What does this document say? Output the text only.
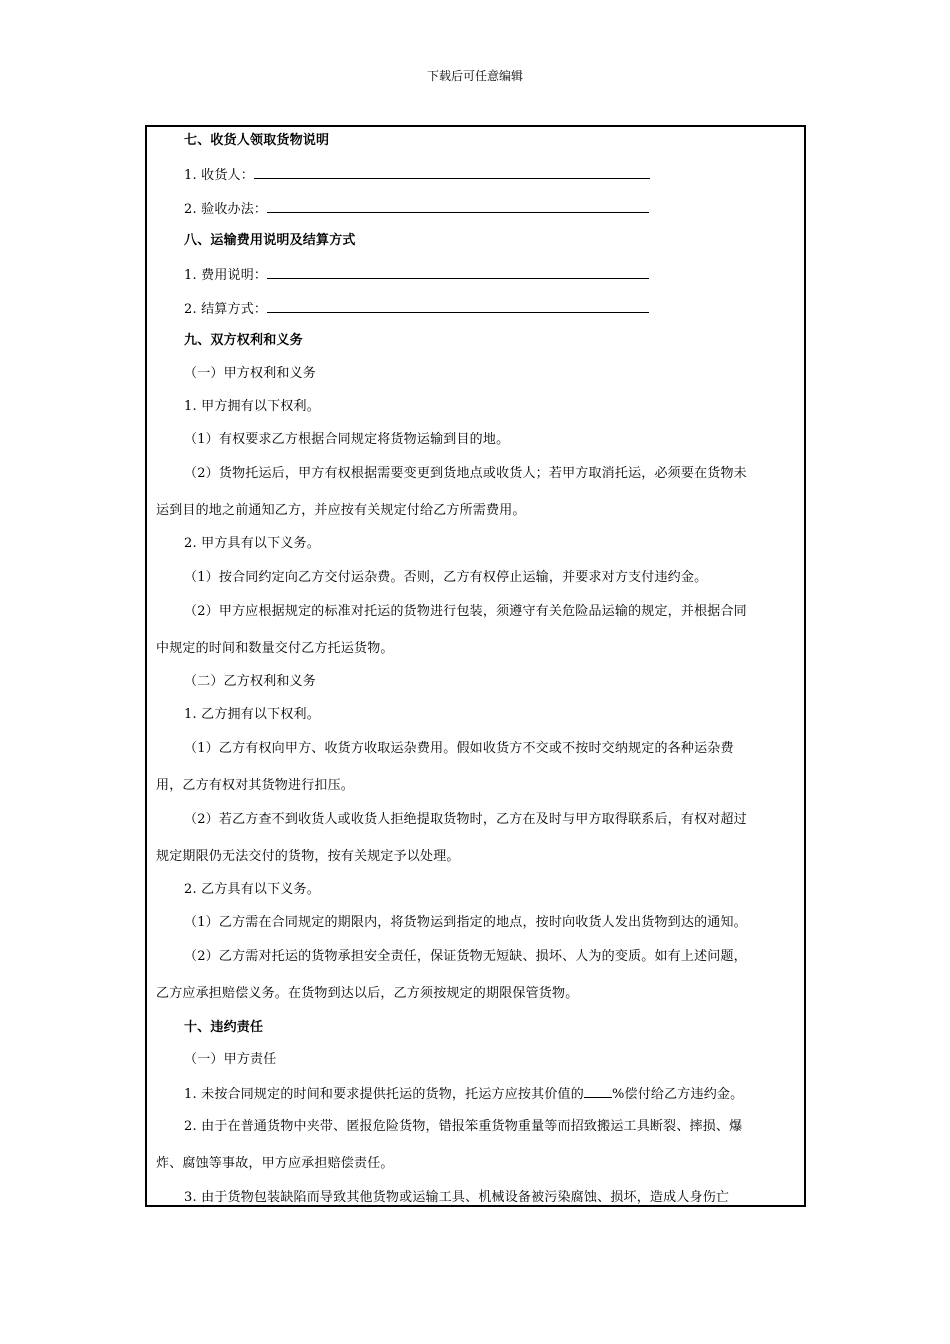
下载后可任意编辑
七、收货人领取货物说明
1. 收货人：
2. 验收办法：
八、运输费用说明及结算方式
1. 费用说明：
2. 结算方式：
九、双方权利和义务
（一）甲方权利和义务
1. 甲方拥有以下权利。
（1）有权要求乙方根据合同规定将货物运输到目的地。
（2）货物托运后，甲方有权根据需要变更到货地点或收货人；若甲方取消托运，必须要在货物未
运到目的地之前通知乙方，并应按有关规定付给乙方所需费用。
2. 甲方具有以下义务。
（1）按合同约定向乙方交付运杂费。否则，乙方有权停止运输，并要求对方支付违约金。
（2）甲方应根据规定的标准对托运的货物进行包装，须遵守有关危险品运输的规定，并根据合同
中规定的时间和数量交付乙方托运货物。
（二）乙方权利和义务
1. 乙方拥有以下权利。
（1）乙方有权向甲方、收货方收取运杂费用。假如收货方不交或不按时交纳规定的各种运杂费
用，乙方有权对其货物进行扣压。
（2）若乙方查不到收货人或收货人拒绝提取货物时，乙方在及时与甲方取得联系后，有权对超过
规定期限仍无法交付的货物，按有关规定予以处理。
2. 乙方具有以下义务。
（1）乙方需在合同规定的期限内，将货物运到指定的地点，按时向收货人发出货物到达的通知。
（2）乙方需对托运的货物承担安全责任，保证货物无短缺、损坏、人为的变质。如有上述问题，
乙方应承担赔偿义务。在货物到达以后，乙方须按规定的期限保管货物。
十、违约责任
（一）甲方责任
1. 未按合同规定的时间和要求提供托运的货物，托运方应按其价值的 %偿付给乙方违约金。
2. 由于在普通货物中夹带、匿报危险货物，错报笨重货物重量等而招致搬运工具断裂、摔损、爆
炸、腐蚀等事故，甲方应承担赔偿责任。
3. 由于货物包装缺陷而导致其他货物或运输工具、机械设备被污染腐蚀、损坏，造成人身伤亡
